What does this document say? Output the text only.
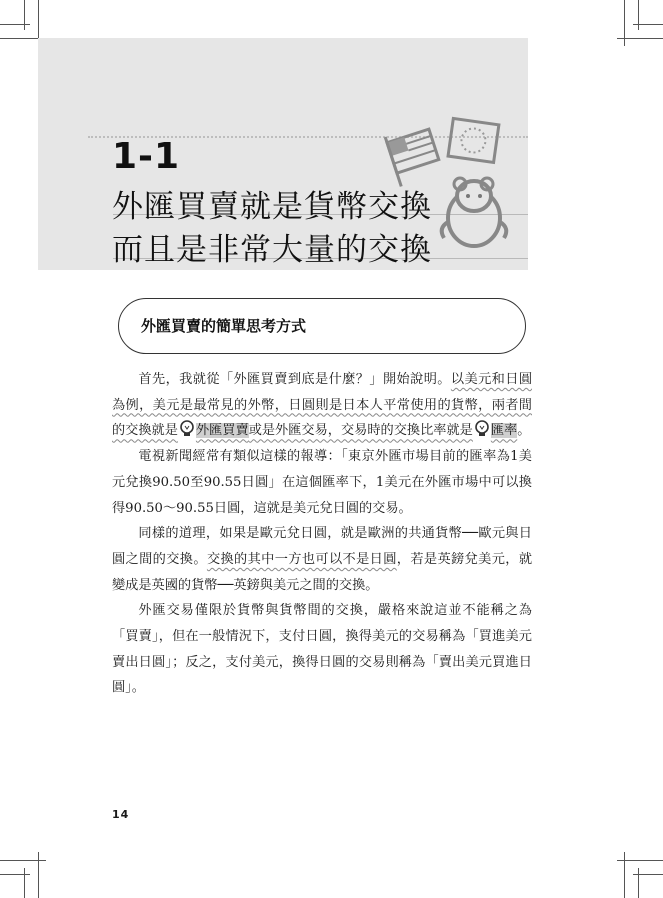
1-1
外匯買賣就是貨幣交換
而且是非常大量的交換
外匯買賣的簡單思考方式

首先，我就從「外匯買賣到底是什麼？」開始說明。以美元和日圓為例，美元是最常見的外幣，日圓則是日本人平常使用的貨幣，兩者間的交換就是 外匯買賣或是外匯交易，交易時的交換比率就是 匯率。

電視新聞經常有類似這樣的報導：「東京外匯市場目前的匯率為1美元兌換90.50至90.55日圓」在這個匯率下，1美元在外匯市場中可以換得90.50～90.55日圓，這就是美元兌日圓的交易。

同樣的道理，如果是歐元兌日圓，就是歐洲的共通貨幣──歐元與日圓之間的交換。交換的其中一方也可以不是日圓，若是英鎊兌美元，就變成是英國的貨幣──英鎊與美元之間的交換。

外匯交易僅限於貨幣與貨幣間的交換，嚴格來說這並不能稱之為「買賣」，但在一般情況下，支付日圓，換得美元的交易稱為「買進美元賣出日圓」；反之，支付美元，換得日圓的交易則稱為「賣出美元買進日圓」。

14
